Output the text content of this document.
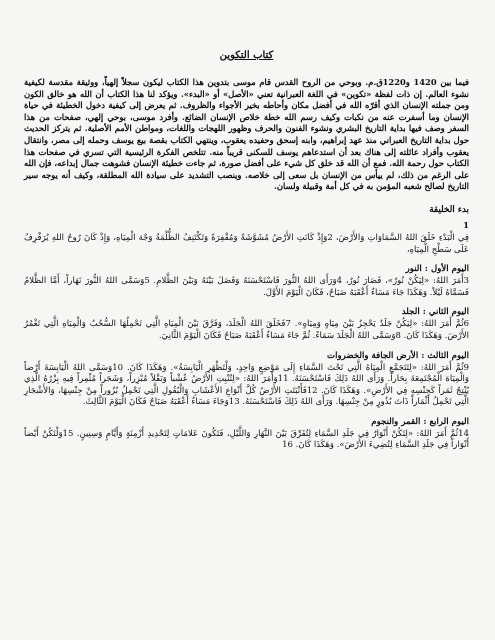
كتاب التكوين

فيما بين 1420 و1220ق.م. وبوحي من الروح القدس قام موسى بتدوين هذا الكتاب ليكون سجلاً إلهياً، ووثيقة مقدسة لكيفية نشوء العالم. إن ذات لفظة «تكوين» في اللغة العبرانية تعني «الأصل» أو «البدء». ويؤكد لنا هذا الكتاب أن الله هو خالق الكون ومن جملته الإنسان الذي أقرّه الله في أفضل مكان وأحاطه بخير الأجواء والظروف. ثم يعرض إلى كيفية دخول الخطيئة في حياة الإنسان وما أسفرت عنه من نكبات وكيف رسم الله خطة خلاص الإنسان الضائع. وأفرد موسى، بوحي إلهي، صفحات من هذا السفر وصف فيها بداية التاريخ البشري ونشوء الفنون والحرف وظهور اللهجات واللغات، ومواطن الأمم الأصلية. ثم يتركز الحديث حول بداية التاريخ العبراني منذ عهد إبراهيم، وابنه إسحق وحفيده يعقوب، وينتهي الكتاب بقصة بيع يوسف وحمله إلى مصر، وانتقال يعقوب وأفراد عائلته إلى هناك بعد أن استدعاهم يوسف للسكنى قريباً منه. تتلخص الفكرة الرئيسية التي تسري في صفحات هذا الكتاب حول رحمة الله. فمع أن الله قد خلق كل شيء على أفضل صورة، ثم جاءت خطيئة الإنسان فشوهت جمال إبداعه، فإن الله على الرغم من ذلك، لم ييأس من الإنسان بل سعى إلى خلاصه. وينصب التشديد على سيادة الله المطلقة، وكيف أنه يوجه سير التاريخ لصالح شعبه المؤمن به في كل أمة وقبيلة ولسان.

بدء الخليقة
1

فِي الْبَدْءِ خَلَقَ اللهُ السَّمَاوَاتِ وَالأَرْضَ، 2وَإِذْ كَانَتِ الأَرْضُ مُشَوَّشَةً وَمُقْفِرَةً وَتَكْتَنِفُ الظُّلْمَةُ وَجْهَ الْمِيَاهِ، وَإِذْ كَانَ رُوحُ اللهِ يُرَفْرِفُ عَلَى سَطْحِ الْمِيَاهِ،

اليوم الأول : النور

3أَمَرَ اللهُ: «لِيَكُنْ نُورٌ»، فَصَارَ نُورٌ، 4وَرَأَى اللهُ النُّورَ فَاسْتَحْسَنَهُ وَفَصَلَ بَيْنَهُ وَبَيْنَ الظَّلامِ. 5وَسَمَّى اللهُ النُّورَ نَهَاراً، أَمَّا الظَّلامُ فَسَمَّاهُ لَيْلاً. وَهَكَذَا جَاءَ مَسَاءٌ أَعْقَبَهُ صَبَاحٌ، فَكَانَ الْيَوْمَ الأَوَّلَ.

اليوم الثاني : الجلد

6ثُمَّ أَمَرَ اللهُ: «لِيَكُنْ جَلَدٌ يَحْجِزُ بَيْنَ مِيَاهٍ وَمِيَاهٍ». 7فَخَلَقَ اللهُ الْجَلَدَ، وَفَرَّقَ بَيْنَ الْمِيَاهِ الَّتِي تَحْمِلُهَا السُّحُبُ وَالْمِيَاهِ الَّتِي تَغْمُرُ الأَرْضَ. وَهَكَذَا كَانَ. 8وَسَمَّى اللهُ الْجَلَدَ سَمَاءً. ثُمَّ جَاءَ مَسَاءٌ أَعْقَبَهُ صَبَاحٌ فَكَانَ الْيَوْمَ الثَّانِيَ.

اليوم الثالث : الأرض الجافة والخضروات

9ثُمَّ أَمَرَ اللهُ: «لِتَتَجَمَّعِ الْمِيَاهُ الَّتِي تَحْتَ السَّمَاءِ إِلَى مَوْضِعٍ وَاحِدٍ، وَلْتَظْهَرِ الْيَابِسَةُ». وَهَكَذَا كَانَ. 10وَسَمَّى اللهُ الْيَابِسَةَ أَرْضاً وَالْمِيَاهَ الْمُجْتَمِعَةَ بِحَاراً. وَرَأَى اللهُ ذَلِكَ فَاسْتَحْسَنَهُ. 11وَأَمَرَ اللهُ: «لِتُنْبِتِ الأَرْضُ عُشْباً وَبَقْلاً مُبْزِراً، وَشَجَراً مُثْمِراً فِيهِ بِزْرُهُ الَّذِي يُنْتِجُ ثَمَراً كَجِنْسِهِ فِي الأَرْضِ». وَهَكَذَا كَانَ. 12فَأَنْبَتَتِ الأَرْضُ كُلَّ أَنْوَاعِ الأَعْشَابِ وَالْبُقُولِ الَّتِي تَحْمِلُ بُزُوراً مِنْ جِنْسِهَا، وَالأَشْجَارِ الَّتِي تَحْمِلُ أَثْمَاراً ذَاتَ بُذُورٍ مِنْ جِنْسِهَا. وَرَأَى اللهُ ذَلِكَ فَاسْتَحْسَنَهُ. 13وَجَاءَ مَسَاءٌ أَعْقَبَهُ صَبَاحٌ فَكَانَ الْيَوْمَ الثَّالِثَ.

اليوم الرابع : القمر والنجوم

14ثُمَّ أَمَرَ اللهُ: «لِتَكُنْ أَنْوَارٌ فِي جَلَدِ السَّمَاءِ لِتُفَرِّقَ بَيْنَ النَّهَارِ وَاللَّيْلِ، فَتَكُونَ عَلامَاتٍ لِتَحْدِيدِ أَزْمِنَةٍ وَأَيَّامٍ وَسِنِينٍ. 15وَلْتَكُنْ أَيْضاً أَنْوَاراً فِي جَلَدِ السَّمَاءِ لِتُضِيءَ الأَرْضَ». وَهَكَذَا كَانَ. 16
